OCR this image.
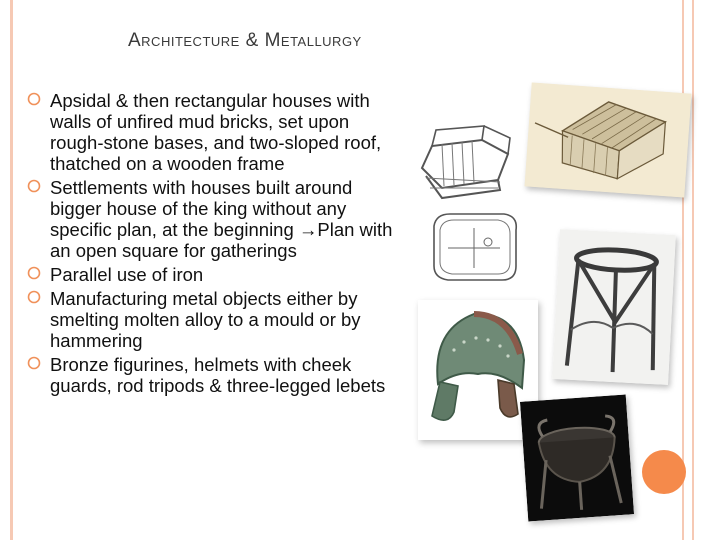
Architecture & Metallurgy
Apsidal & then rectangular houses with walls of unfired mud bricks, set upon rough-stone bases, and two-sloped roof, thatched on a wooden frame
Settlements with houses built around bigger house of the king without any specific plan, at the beginning →Plan with an open square for gatherings
Parallel use of iron
Manufacturing metal objects either by smelting molten alloy to a mould or by hammering
Bronze figurines, helmets with cheek guards, rod tripods & three-legged lebets
